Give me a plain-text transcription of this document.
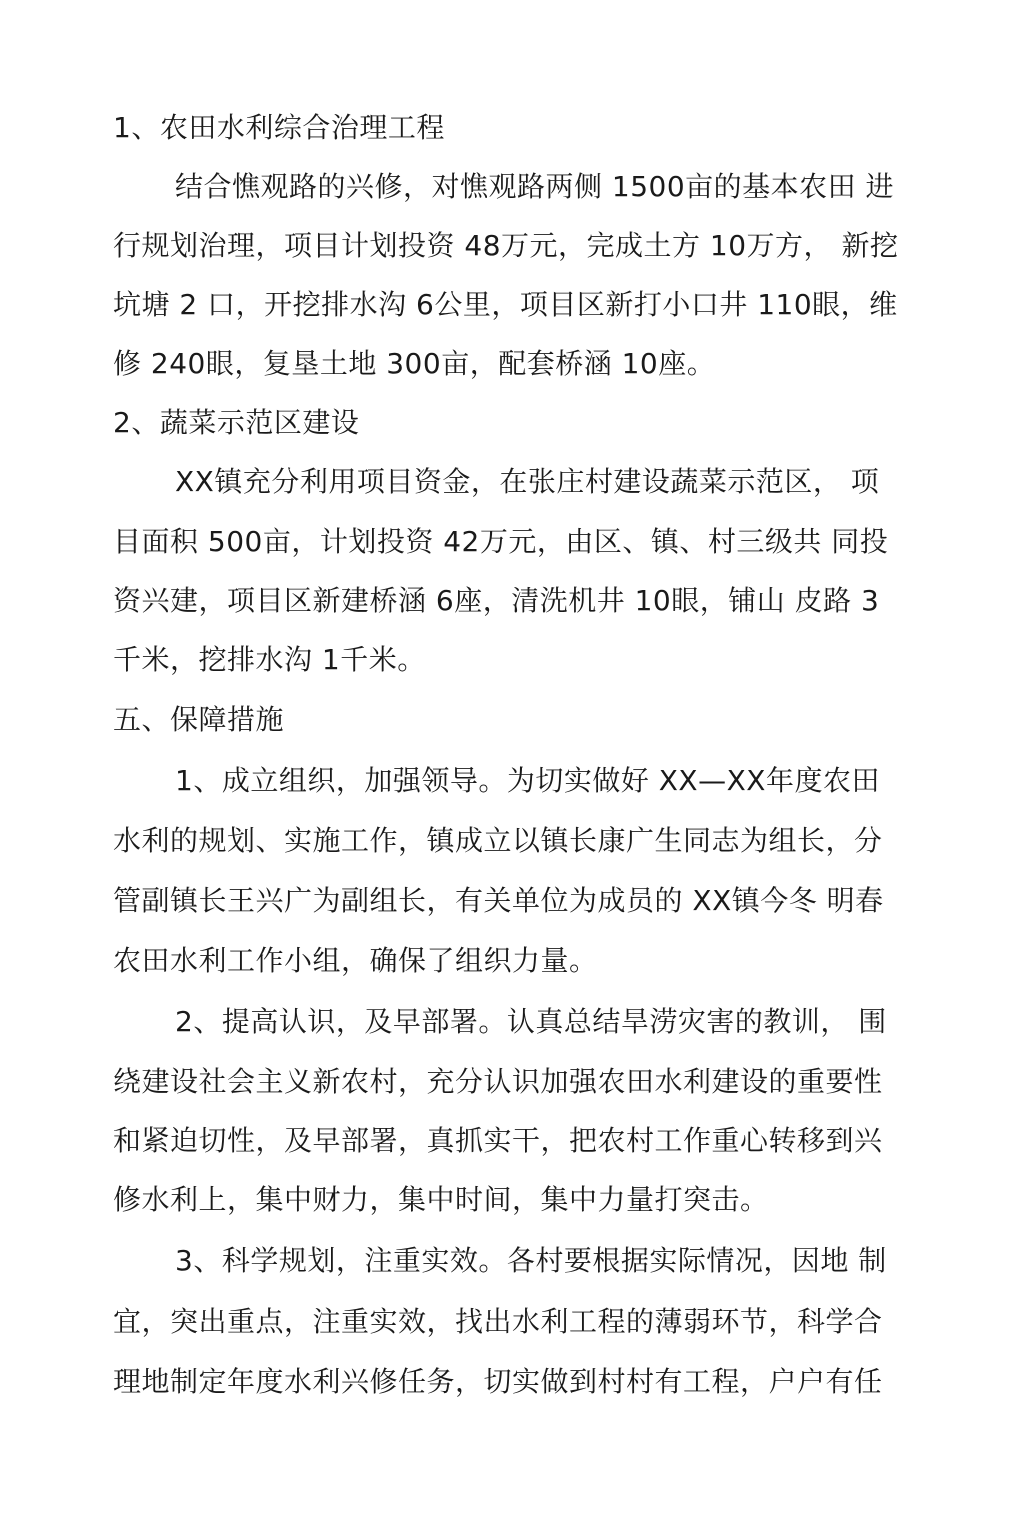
1、农田水利综合治理工程
结合憔观路的兴修，对憔观路两侧 1500亩的基本农田 进
行规划治理，项目计划投资 48万元，完成土方 10万方， 新挖
坑塘 2 口，开挖排水沟 6公里，项目区新打小口井 110眼，维
修 240眼，复垦土地 300亩，配套桥涵 10座。
2、蔬菜示范区建设
XX镇充分利用项目资金，在张庄村建设蔬菜示范区， 项
目面积 500亩，计划投资 42万元，由区、镇、村三级共 同投
资兴建，项目区新建桥涵 6座，清洗机井 10眼，铺山 皮路 3
千米，挖排水沟 1千米。
五、保障措施
1、成立组织，加强领导。为切实做好 XX—XX年度农田
水利的规划、实施工作，镇成立以镇长康广生同志为组长，分
管副镇长王兴广为副组长，有关单位为成员的 XX镇今冬 明春
农田水利工作小组，确保了组织力量。
2、提高认识，及早部署。认真总结旱涝灾害的教训， 围
绕建设社会主义新农村，充分认识加强农田水利建设的重要性
和紧迫切性，及早部署，真抓实干，把农村工作重心转移到兴
修水利上，集中财力，集中时间，集中力量打突击。
3、科学规划，注重实效。各村要根据实际情况，因地 制
宜，突出重点，注重实效，找出水利工程的薄弱环节，科学合
理地制定年度水利兴修任务，切实做到村村有工程，户户有任
